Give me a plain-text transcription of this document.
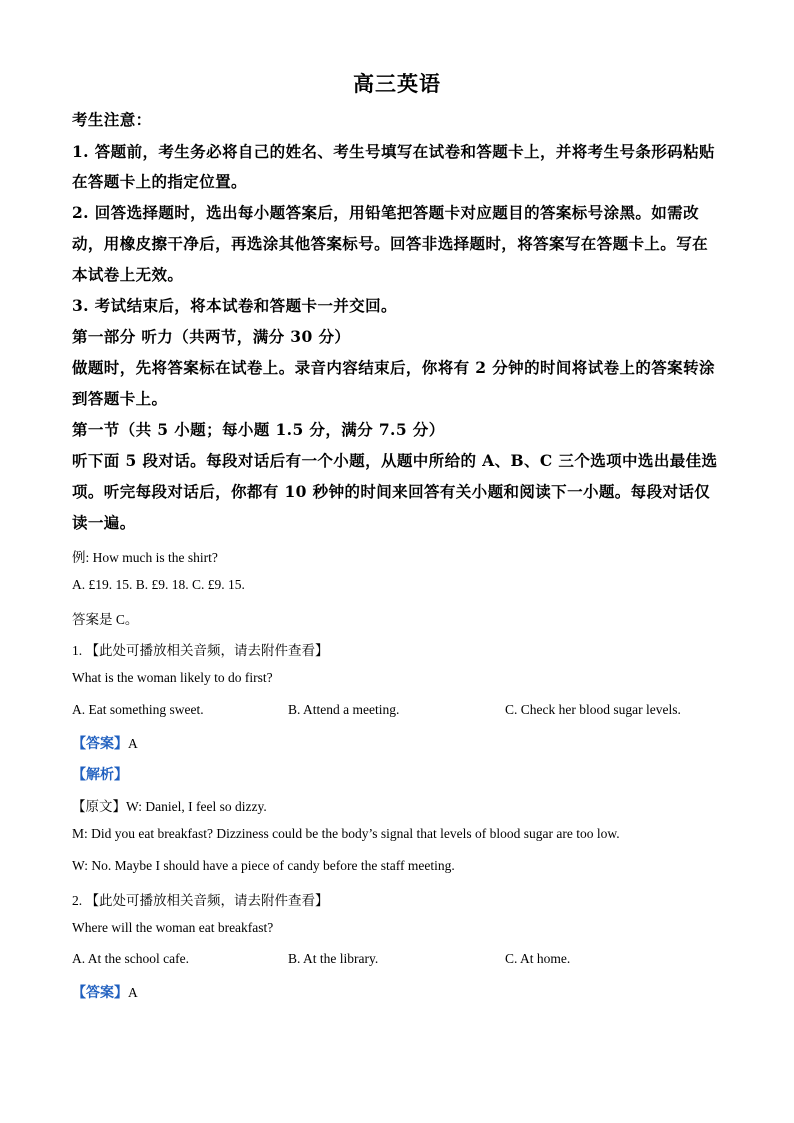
高三英语
考生注意：
1. 答题前，考生务必将自己的姓名、考生号填写在试卷和答题卡上，并将考生号条形码粘贴
在答题卡上的指定位置。
2. 回答选择题时，选出每小题答案后，用铅笔把答题卡对应题目的答案标号涂黑。如需改
动，用橡皮擦干净后，再选涂其他答案标号。回答非选择题时，将答案写在答题卡上。写在
本试卷上无效。
3. 考试结束后，将本试卷和答题卡一并交回。
第一部分 听力（共两节，满分 30 分）
做题时，先将答案标在试卷上。录音内容结束后，你将有 2 分钟的时间将试卷上的答案转涂
到答题卡上。
第一节（共 5 小题；每小题 1.5 分，满分 7.5 分）
听下面 5 段对话。每段对话后有一个小题，从题中所给的 A、B、C 三个选项中选出最佳选
项。听完每段对话后，你都有 10 秒钟的时间来回答有关小题和阅读下一小题。每段对话仅
读一遍。
例: How much is the shirt?
A. £19. 15. B. £9. 18. C. £9. 15.
答案是 C。
1. 【此处可播放相关音频，请去附件查看】
What is the woman likely to do first?
A. Eat something sweet.	B. Attend a meeting.	C. Check her blood sugar levels.
【答案】A
【解析】
【原文】W: Daniel, I feel so dizzy.
M: Did you eat breakfast? Dizziness could be the body’s signal that levels of blood sugar are too low.
W: No. Maybe I should have a piece of candy before the staff meeting.
2. 【此处可播放相关音频，请去附件查看】
Where will the woman eat breakfast?
A. At the school cafe.	B. At the library.	C. At home.
【答案】A
